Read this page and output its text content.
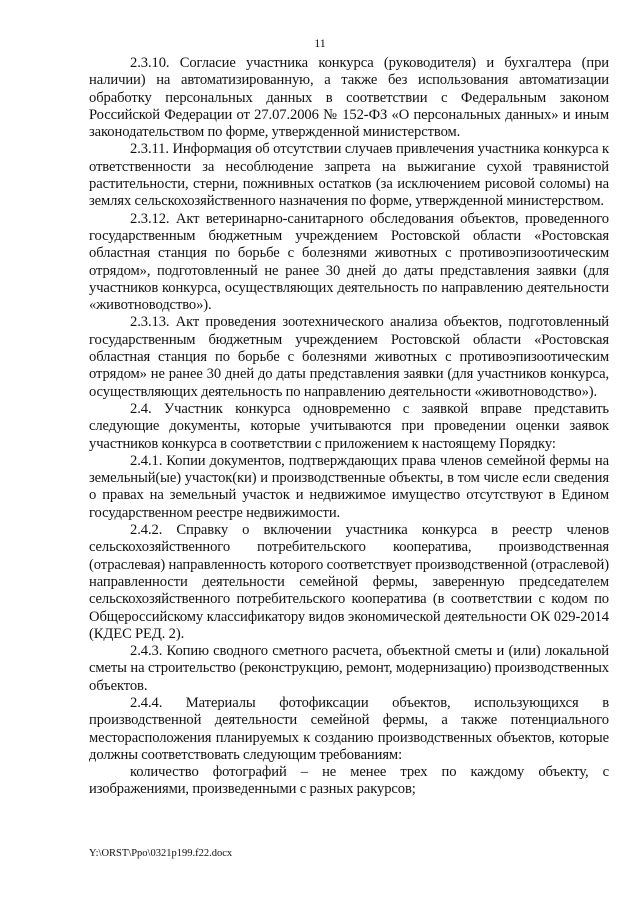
11

2.3.10. Согласие участника конкурса (руководителя) и бухгалтера (при наличии) на автоматизированную, а также без использования автоматизации обработку персональных данных в соответствии с Федеральным законом Российской Федерации от 27.07.2006 № 152-ФЗ «О персональных данных» и иным законодательством по форме, утвержденной министерством.

2.3.11. Информация об отсутствии случаев привлечения участника конкурса к ответственности за несоблюдение запрета на выжигание сухой травянистой растительности, стерни, пожнивных остатков (за исключением рисовой соломы) на землях сельскохозяйственного назначения по форме, утвержденной министерством.

2.3.12. Акт ветеринарно-санитарного обследования объектов, проведенного государственным бюджетным учреждением Ростовской области «Ростовская областная станция по борьбе с болезнями животных с противоэпизоотическим отрядом», подготовленный не ранее 30 дней до даты представления заявки (для участников конкурса, осуществляющих деятельность по направлению деятельности «животноводство»).

2.3.13. Акт проведения зоотехнического анализа объектов, подготовленный государственным бюджетным учреждением Ростовской области «Ростовская областная станция по борьбе с болезнями животных с противоэпизоотическим отрядом» не ранее 30 дней до даты представления заявки (для участников конкурса, осуществляющих деятельность по направлению деятельности «животноводство»).

2.4. Участник конкурса одновременно с заявкой вправе представить следующие документы, которые учитываются при проведении оценки заявок участников конкурса в соответствии с приложением к настоящему Порядку:

2.4.1. Копии документов, подтверждающих права членов семейной фермы на земельный(ые) участок(ки) и производственные объекты, в том числе если сведения о правах на земельный участок и недвижимое имущество отсутствуют в Едином государственном реестре недвижимости.

2.4.2. Справку о включении участника конкурса в реестр членов сельскохозяйственного потребительского кооператива, производственная (отраслевая) направленность которого соответствует производственной (отраслевой) направленности деятельности семейной фермы, заверенную председателем сельскохозяйственного потребительского кооператива (в соответствии с кодом по Общероссийскому классификатору видов экономической деятельности ОК 029-2014 (КДЕС РЕД. 2).

2.4.3. Копию сводного сметного расчета, объектной сметы и (или) локальной сметы на строительство (реконструкцию, ремонт, модернизацию) производственных объектов.

2.4.4. Материалы фотофиксации объектов, использующихся в производственной деятельности семейной фермы, а также потенциального месторасположения планируемых к созданию производственных объектов, которые должны соответствовать следующим требованиям:

количество фотографий – не менее трех по каждому объекту, с изображениями, произведенными с разных ракурсов;

Y:\ORST\Ppo\0321p199.f22.docx
